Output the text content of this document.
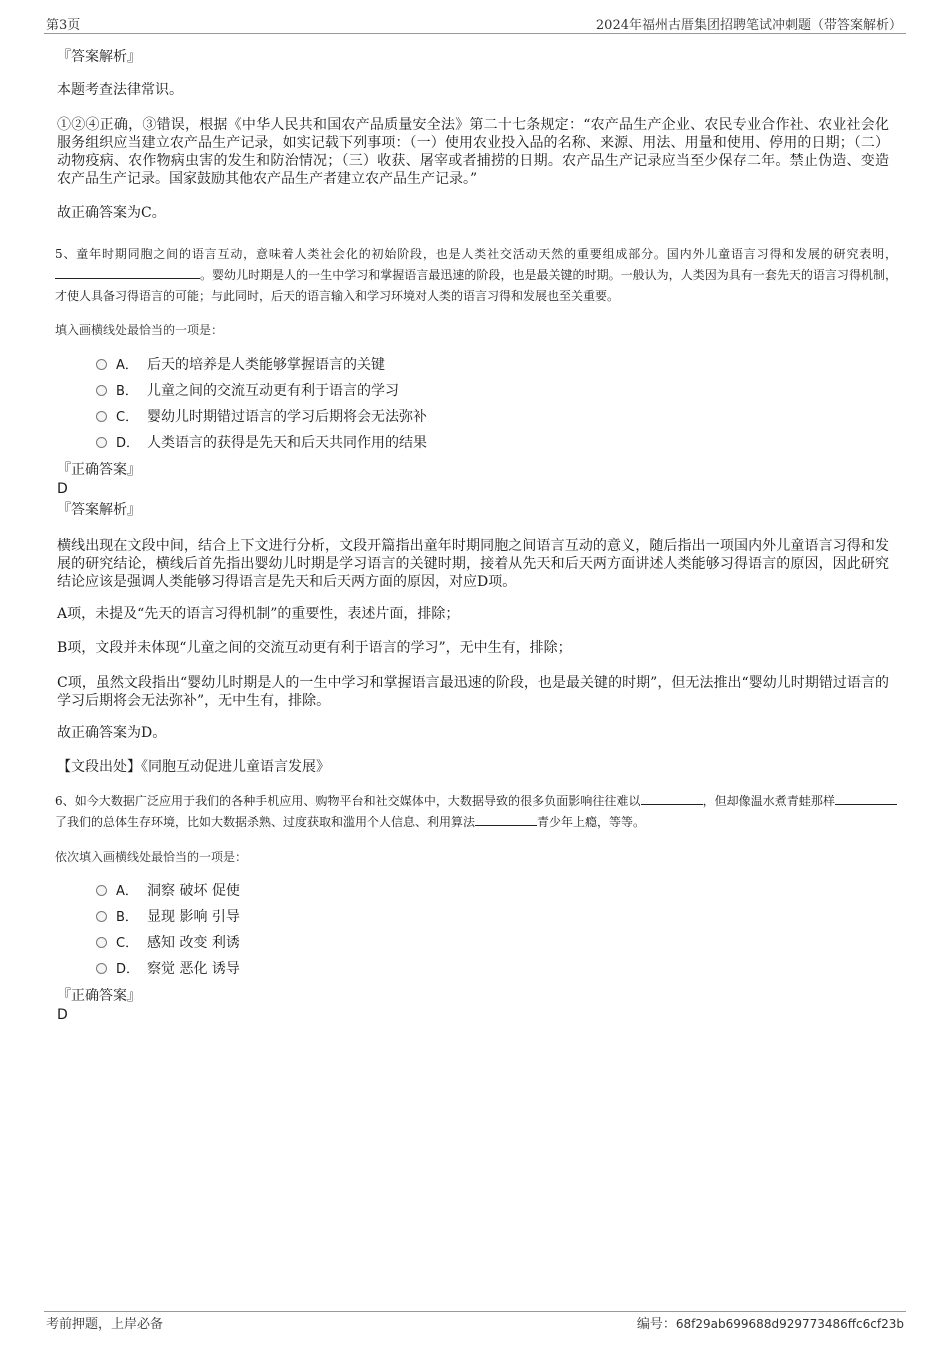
第3页	2024年福州古厝集团招聘笔试冲刺题（带答案解析）
『答案解析』

本题考查法律常识。

①②④正确，③错误，根据《中华人民共和国农产品质量安全法》第二十七条规定：“农产品生产企业、农民专业合作社、农业社会化服务组织应当建立农产品生产记录，如实记载下列事项：（一）使用农业投入品的名称、来源、用法、用量和使用、停用的日期；（二）动物疫病、农作物病虫害的发生和防治情况；（三）收获、屠宰或者捕捞的日期。农产品生产记录应当至少保存二年。禁止伪造、变造农产品生产记录。国家鼓励其他农产品生产者建立农产品生产记录。”

故正确答案为C。

5、童年时期同胞之间的语言互动，意味着人类社会化的初始阶段，也是人类社交活动天然的重要组成部分。国内外儿童语言习得和发展的研究表明，。婴幼儿时期是人的一生中学习和掌握语言最迅速的阶段，也是最关键的时期。一般认为，人类因为具有一套先天的语言习得机制，才使人具备习得语言的可能；与此同时，后天的语言输入和学习环境对人类的语言习得和发展也至关重要。

填入画横线处最恰当的一项是：

A． 后天的培养是人类能够掌握语言的关键
B． 儿童之间的交流互动更有利于语言的学习
C． 婴幼儿时期错过语言的学习后期将会无法弥补
D． 人类语言的获得是先天和后天共同作用的结果
『正确答案』
D
『答案解析』

横线出现在文段中间，结合上下文进行分析，文段开篇指出童年时期同胞之间语言互动的意义，随后指出一项国内外儿童语言习得和发展的研究结论，横线后首先指出婴幼儿时期是学习语言的关键时期，接着从先天和后天两方面讲述人类能够习得语言的原因，因此研究结论应该是强调人类能够习得语言是先天和后天两方面的原因，对应D项。

A项，未提及“先天的语言习得机制”的重要性，表述片面，排除；

B项，文段并未体现“儿童之间的交流互动更有利于语言的学习”，无中生有，排除；

C项，虽然文段指出“婴幼儿时期是人的一生中学习和掌握语言最迅速的阶段，也是最关键的时期”，但无法推出“婴幼儿时期错过语言的学习后期将会无法弥补”，无中生有，排除。

故正确答案为D。

【文段出处】《同胞互动促进儿童语言发展》

6、如今大数据广泛应用于我们的各种手机应用、购物平台和社交媒体中，大数据导致的很多负面影响往往难以	，但却像温水煮青蛙那样了我们的总体生存环境，比如大数据杀熟、过度获取和滥用个人信息、利用算法	青少年上瘾，等等。

依次填入画横线处最恰当的一项是：

A． 洞察 破坏 促使
B． 显现 影响 引导
C． 感知 改变 利诱
D． 察觉 恶化 诱导
『正确答案』
D
考前押题，上岸必备	编号：68f29ab699688d929773486ffc6cf23b
